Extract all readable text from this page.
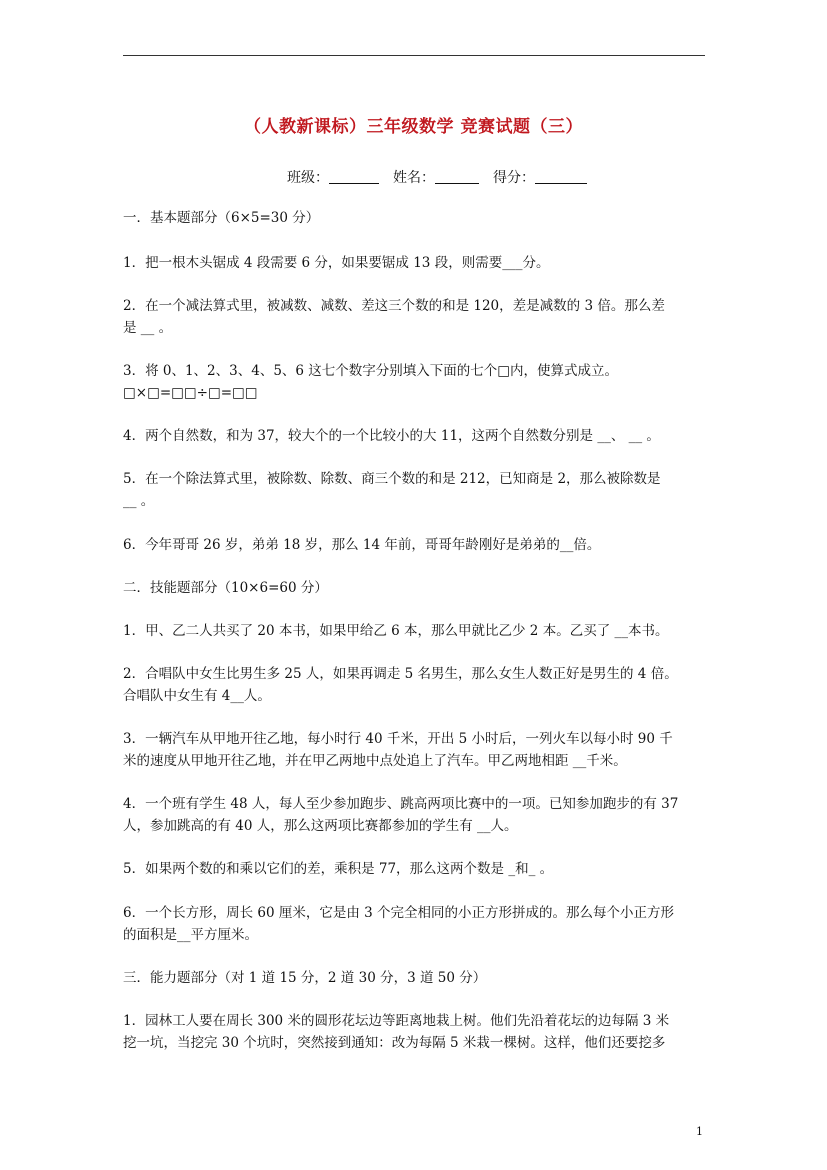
（人教新课标）三年级数学 竞赛试题（三）
班级：	姓名：	得分：
一．基本题部分（6×5=30 分）
1．把一根木头锯成 4 段需要 6 分，如果要锯成 13 段，则需要___分。
2．在一个减法算式里，被减数、减数、差这三个数的和是 120，差是减数的 3 倍。那么差
是 __ 。
3．将 0、1、2、3、4、5、6 这七个数字分别填入下面的七个□内，使算式成立。
□×□=□□÷□=□□
4．两个自然数，和为 37，较大个的一个比较小的大 11，这两个自然数分别是 __、 __ 。
5．在一个除法算式里，被除数、除数、商三个数的和是 212，已知商是 2，那么被除数是
__ 。
6．今年哥哥 26 岁，弟弟 18 岁，那么 14 年前，哥哥年龄刚好是弟弟的__倍。
二．技能题部分（10×6=60 分）
1．甲、乙二人共买了 20 本书，如果甲给乙 6 本，那么甲就比乙少 2 本。乙买了 __本书。
2．合唱队中女生比男生多 25 人，如果再调走 5 名男生，那么女生人数正好是男生的 4 倍。
合唱队中女生有 4__人。
3．一辆汽车从甲地开往乙地，每小时行 40 千米，开出 5 小时后，一列火车以每小时 90 千
米的速度从甲地开往乙地，并在甲乙两地中点处追上了汽车。甲乙两地相距 __千米。
4．一个班有学生 48 人，每人至少参加跑步、跳高两项比赛中的一项。已知参加跑步的有 37
人，参加跳高的有 40 人，那么这两项比赛都参加的学生有 __人。
5．如果两个数的和乘以它们的差，乘积是 77，那么这两个数是 _和_ 。
6．一个长方形，周长 60 厘米，它是由 3 个完全相同的小正方形拼成的。那么每个小正方形
的面积是__平方厘米。
三．能力题部分（对 1 道 15 分，2 道 30 分，3 道 50 分）
1．园林工人要在周长 300 米的圆形花坛边等距离地栽上树。他们先沿着花坛的边每隔 3 米
挖一坑，当挖完 30 个坑时，突然接到通知：改为每隔 5 米栽一棵树。这样，他们还要挖多
1
